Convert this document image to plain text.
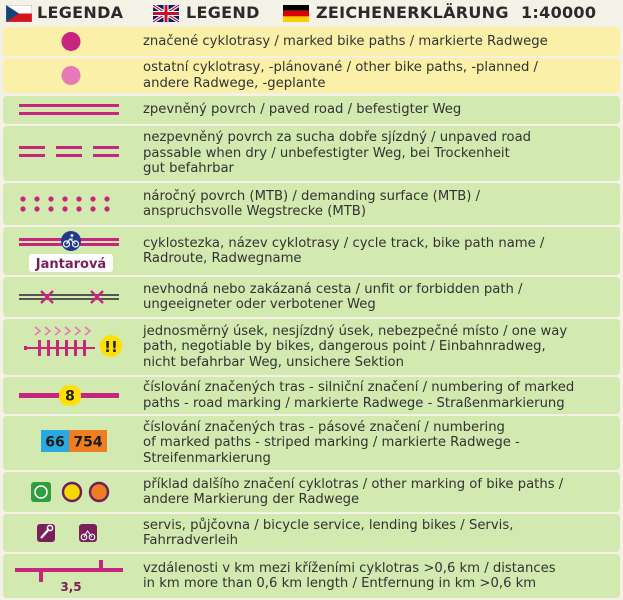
LEGENDA	LEGEND	ZEICHENERKLÄRUNG 1:40000
značené cyklotrasy / marked bike paths / markierte Radwege
ostatní cyklotrasy, -plánované / other bike paths, -planned /
andere Radwege, -geplante
zpevněný povrch / paved road / befestigter Weg
nezpevněný povrch za sucha dobře sjízdný / unpaved road
passable when dry / unbefestigter Weg, bei Trockenheit
gut befahrbar
náročný povrch (MTB) / demanding surface (MTB) /
anspruchsvolle Wegstrecke (MTB)
Jantarová
cyklostezka, název cyklotrasy / cycle track, bike path name /
Radroute, Radwegname
nevhodná nebo zakázaná cesta / unfit or forbidden path /
ungeeigneter oder verbotener Weg
!!
jednosměrný úsek, nesjízdný úsek, nebezpečné místo / one way
path, negotiable by bikes, dangerous point / Einbahnradweg,
nicht befahrbar Weg, unsichere Sektion
8
číslování značených tras - silniční značení / numbering of marked
paths - road marking / markierte Radwege - Straßenmarkierung
66 754
číslování značených tras - pásové značení / numbering
of marked paths - striped marking / markierte Radwege -
Streifenmarkierung
příklad dalšího značení cyklotras / other marking of bike paths /
andere Markierung der Radwege
servis, půjčovna / bicycle service, lending bikes / Servis,
Fahrradverleih
3,5
vzdálenosti v km mezi kříženími cyklotras >0,6 km / distances
in km more than 0,6 km length / Entfernung in km >0,6 km
